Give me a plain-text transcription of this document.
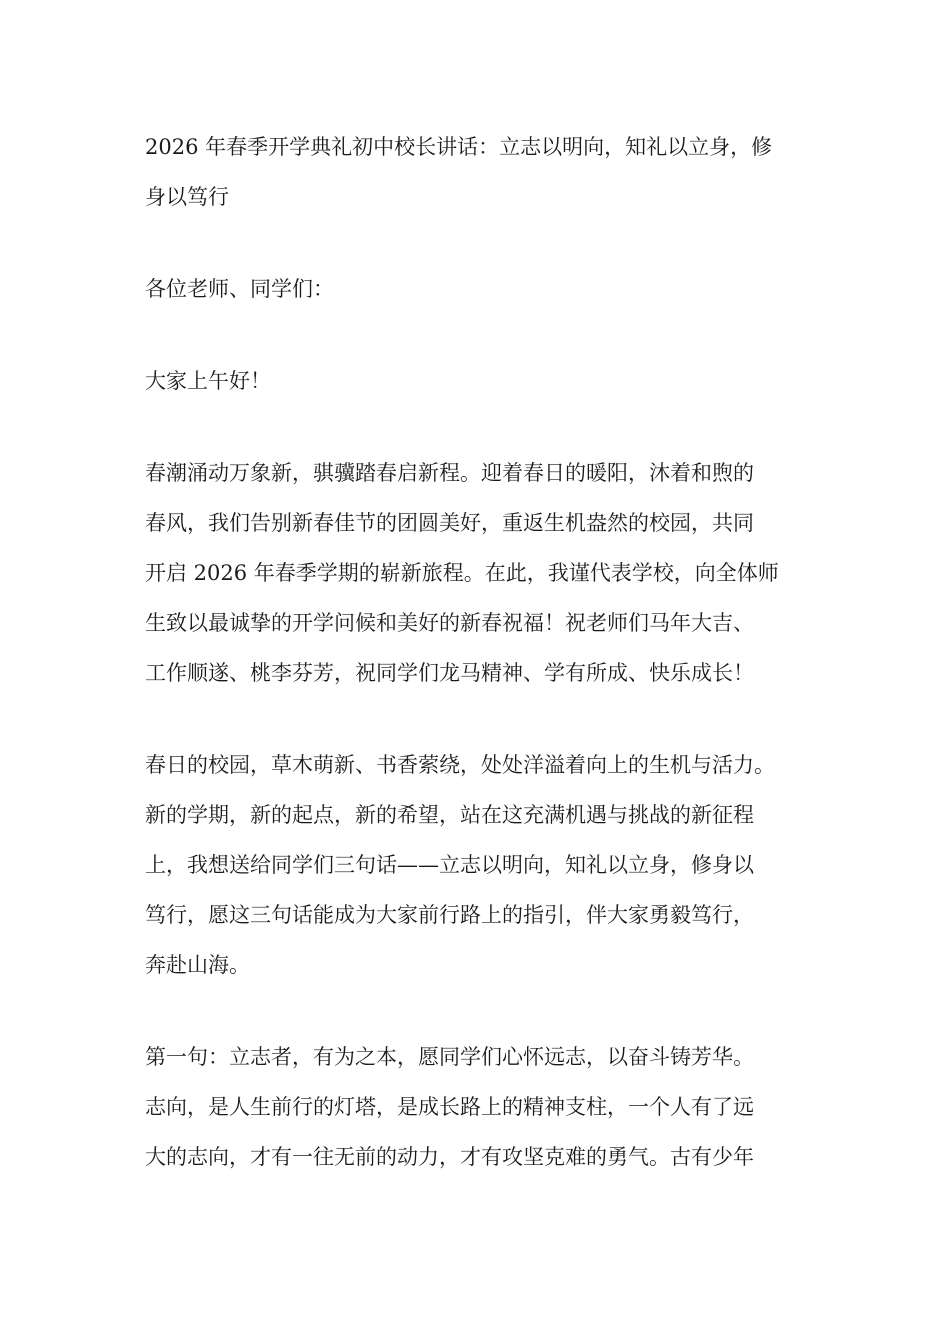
2026 年春季开学典礼初中校长讲话：立志以明向，知礼以立身，修
身以笃行

各位老师、同学们：

大家上午好！

春潮涌动万象新，骐骥踏春启新程。迎着春日的暖阳，沐着和煦的
春风，我们告别新春佳节的团圆美好，重返生机盎然的校园，共同
开启 2026 年春季学期的崭新旅程。在此，我谨代表学校，向全体师
生致以最诚挚的开学问候和美好的新春祝福！祝老师们马年大吉、
工作顺遂、桃李芬芳，祝同学们龙马精神、学有所成、快乐成长！

春日的校园，草木萌新、书香萦绕，处处洋溢着向上的生机与活力。
新的学期，新的起点，新的希望，站在这充满机遇与挑战的新征程
上，我想送给同学们三句话——立志以明向，知礼以立身，修身以
笃行，愿这三句话能成为大家前行路上的指引，伴大家勇毅笃行，
奔赴山海。

第一句：立志者，有为之本，愿同学们心怀远志，以奋斗铸芳华。
志向，是人生前行的灯塔，是成长路上的精神支柱，一个人有了远
大的志向，才有一往无前的动力，才有攻坚克难的勇气。古有少年
